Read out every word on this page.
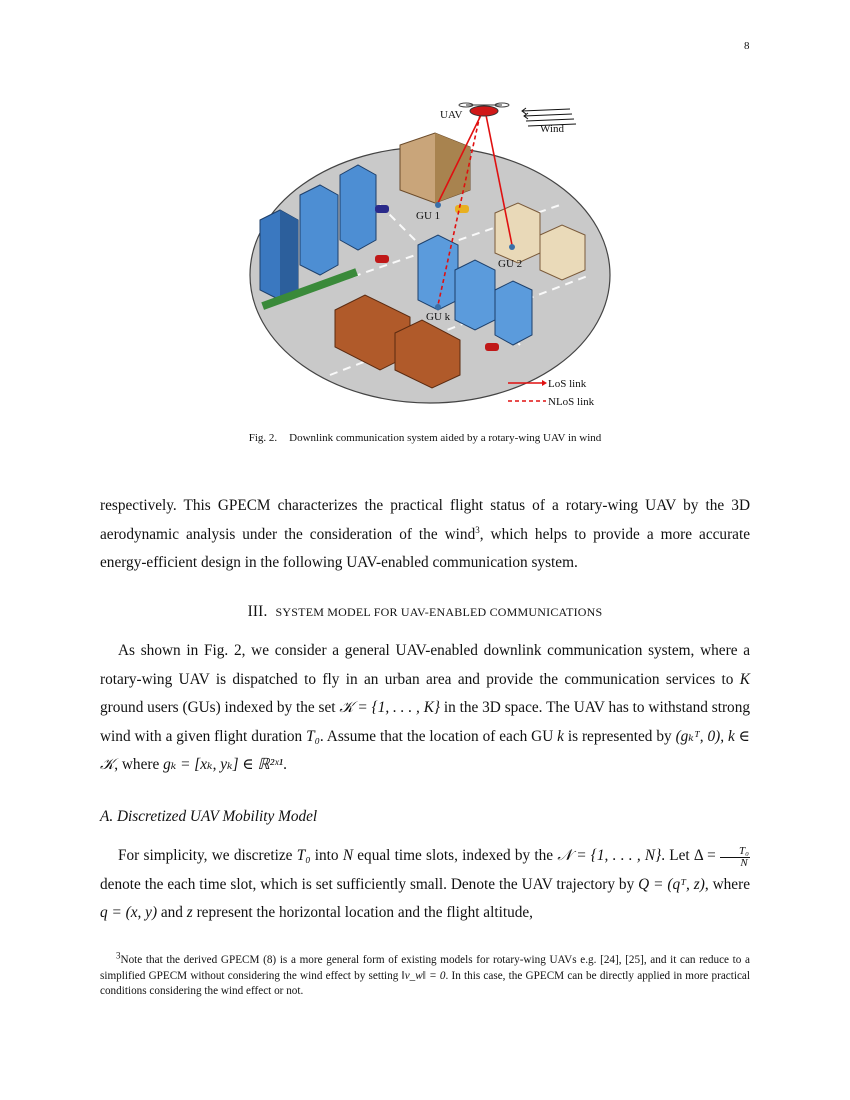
8
UAV
Wind
GU 1
GU 2
GU k
LoS link
NLoS link
Fig. 2. Downlink communication system aided by a rotary-wing UAV in wind
respectively. This GPECM characterizes the practical flight status of a rotary-wing UAV by the 3D aerodynamic analysis under the consideration of the wind$^3$, which helps to provide a more accurate energy-efficient design in the following UAV-enabled communication system.
III. SYSTEM MODEL FOR UAV-ENABLED COMMUNICATIONS
As shown in Fig. 2, we consider a general UAV-enabled downlink communication system, where a rotary-wing UAV is dispatched to fly in an urban area and provide the communication services to K ground users (GUs) indexed by the set 𝒦 = {1, . . . , K} in the 3D space. The UAV has to withstand strong wind with a given flight duration T₀. Assume that the location of each GU k is represented by (gₖᵀ, 0), k ∈ 𝒦, where gₖ = [xₖ, yₖ] ∈ ℝ²ˣ¹.
A. Discretized UAV Mobility Model
For simplicity, we discretize T₀ into N equal time slots, indexed by the 𝒩 = {1, . . . , N}. Let $\Delta = \frac{\text{T₀}}{N}$
denote the each time slot, which is set sufficiently small. Denote the UAV trajectory by Q = (qᵀ, z), where q = (x, y) and z represent the horizontal location and the flight altitude,
$^3$Note that the derived GPECM (8) is a more general form of existing models for rotary-wing UAVs e.g. [24], [25], and it can reduce to a simplified GPECM without considering the wind effect by setting ‖v_w‖ = 0. In this case, the GPECM can be directly applied in more practical conditions considering the wind effect or not.
